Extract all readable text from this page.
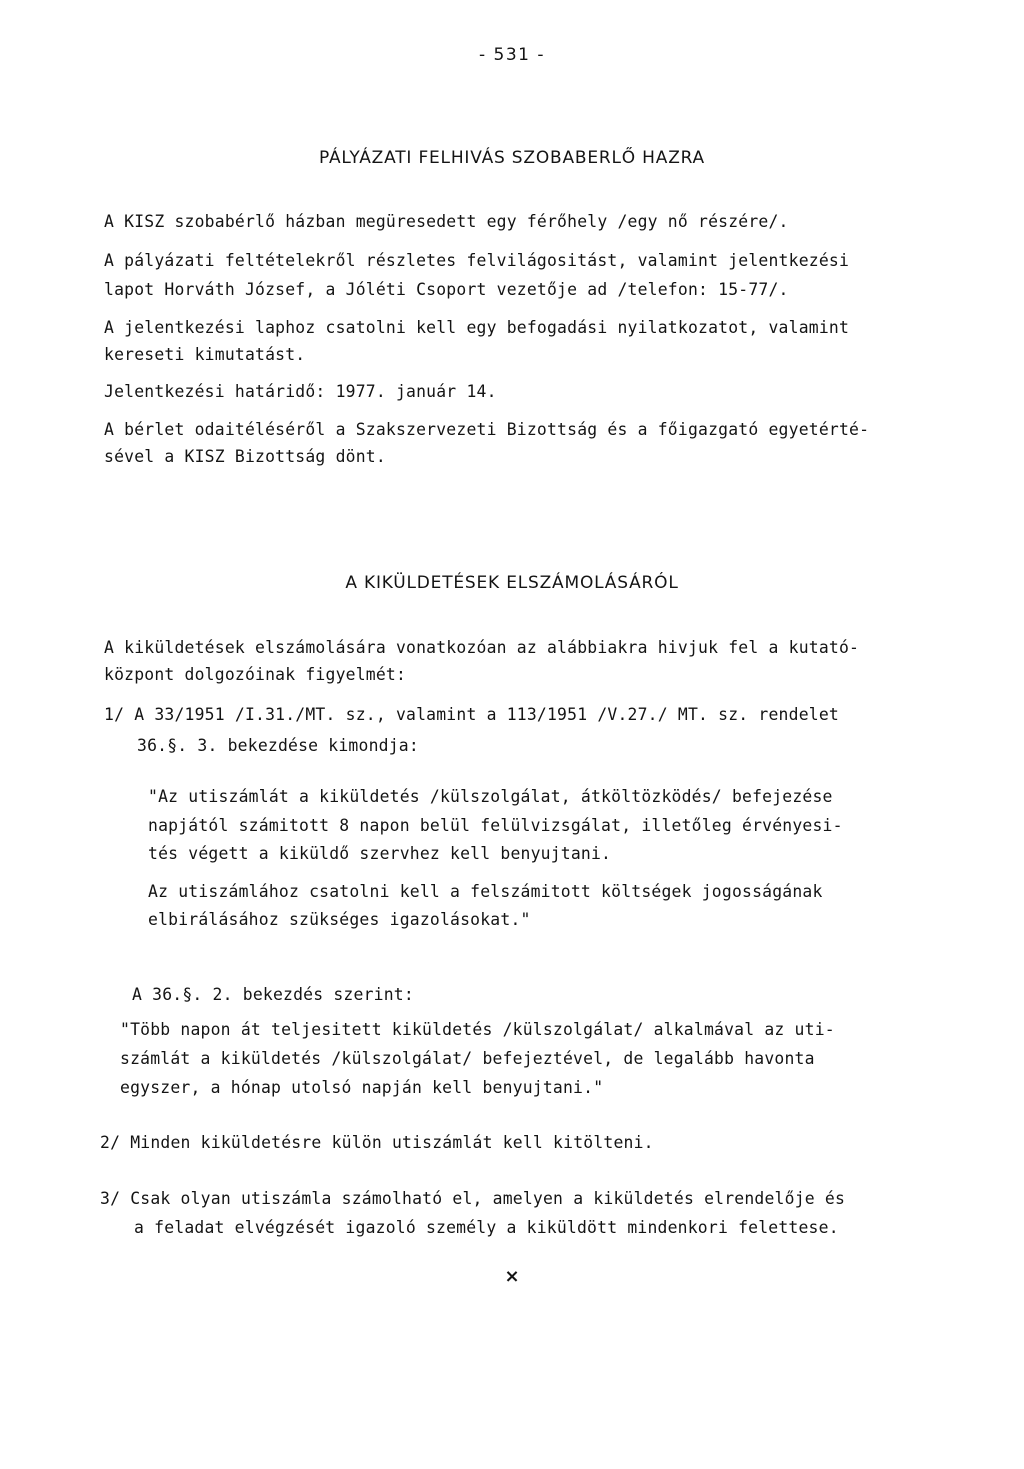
- 531 -
PÁLYÁZATI FELHIVÁS SZOBABERLŐ HAZRA
A KISZ szobabérlő házban megüresedett egy férőhely /egy nő részére/.
A pályázati feltételekről részletes felvilágositást, valamint jelentkezési
lapot Horváth József, a Jóléti Csoport vezetője ad /telefon: 15-77/.
A jelentkezési laphoz csatolni kell egy befogadási nyilatkozatot, valamint
kereseti kimutatást.
Jelentkezési határidő: 1977. január 14.
A bérlet odaitéléséről a Szakszervezeti Bizottság és a főigazgató egyetérté-
sével a KISZ Bizottság dönt.
A KIKÜLDETÉSEK ELSZÁMOLÁSÁRÓL
A kiküldetések elszámolására vonatkozóan az alábbiakra hivjuk fel a kutató-
központ dolgozóinak figyelmét:
1/ A 33/1951 /I.31./MT. sz., valamint a 113/1951 /V.27./ MT. sz. rendelet
36.§. 3. bekezdése kimondja:
"Az utiszámlát a kiküldetés /külszolgálat, átköltözködés/ befejezése
napjától számitott 8 napon belül felülvizsgálat, illetőleg érvényesi-
tés végett a kiküldő szervhez kell benyujtani.
Az utiszámlához csatolni kell a felszámitott költségek jogosságának
elbirálásához szükséges igazolásokat."
A 36.§. 2. bekezdés szerint:
"Több napon át teljesitett kiküldetés /külszolgálat/ alkalmával az uti-
számlát a kiküldetés /külszolgálat/ befejeztével, de legalább havonta
egyszer, a hónap utolsó napján kell benyujtani."
2/ Minden kiküldetésre külön utiszámlát kell kitölteni.
3/ Csak olyan utiszámla számolható el, amelyen a kiküldetés elrendelője és
a feladat elvégzését igazoló személy a kiküldött mindenkori felettese.
×
